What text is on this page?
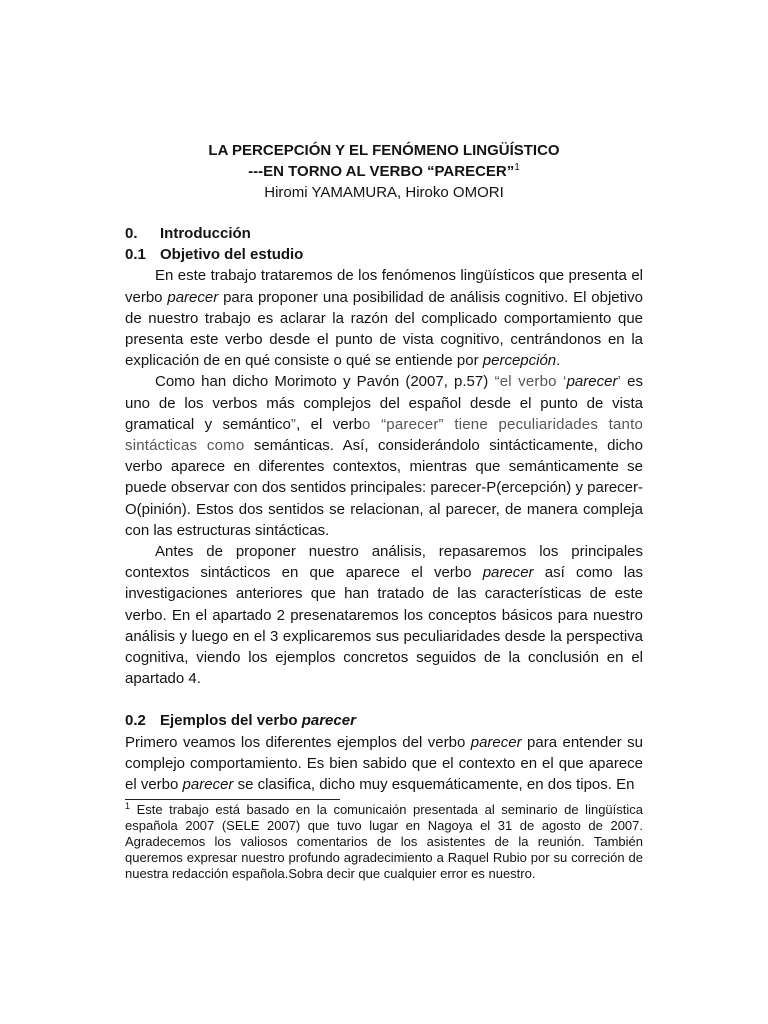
LA PERCEPCIÓN Y EL FENÓMENO LINGÜÍSTICO
---EN TORNO AL VERBO “PARECER”$^1$
Hiromi YAMAMURA, Hiroko OMORI

0. Introducción

0.1 Objetivo del estudio

En este trabajo trataremos de los fenómenos lingüísticos que presenta el verbo parecer para proponer una posibilidad de análisis cognitivo. El objetivo de nuestro trabajo es aclarar la razón del complicado comportamiento que presenta este verbo desde el punto de vista cognitivo, centrándonos en la explicación de en qué consiste o qué se entiende por percepción.

Como han dicho Morimoto y Pavón (2007, p.57) “el verbo ‘parecer’ es uno de los verbos más complejos del español desde el punto de vista gramatical y semántico”, el verbo “parecer” tiene peculiaridades tanto sintácticas como semánticas. Así, considerándolo sintácticamente, dicho verbo aparece en diferentes contextos, mientras que semánticamente se puede observar con dos sentidos principales: parecer-P(ercepción) y parecer-O(pinión). Estos dos sentidos se relacionan, al parecer, de manera compleja con las estructuras sintácticas.

Antes de proponer nuestro análisis, repasaremos los principales contextos sintácticos en que aparece el verbo parecer así como las investigaciones anteriores que han tratado de las características de este verbo. En el apartado 2 presenataremos los conceptos básicos para nuestro análisis y luego en el 3 explicaremos sus peculiaridades desde la perspectiva cognitiva, viendo los ejemplos concretos seguidos de la conclusión en el apartado 4.

0.2 Ejemplos del verbo parecer

Primero veamos los diferentes ejemplos del verbo parecer para entender su complejo comportamiento. Es bien sabido que el contexto en el que aparece el verbo parecer se clasifica, dicho muy esquemáticamente, en dos tipos. En

$^1$ Este trabajo está basado en la comunicaión presentada al seminario de lingüística española 2007 (SELE 2007) que tuvo lugar en Nagoya el 31 de agosto de 2007. Agradecemos los valiosos comentarios de los asistentes de la reunión. También queremos expresar nuestro profundo agradecimiento a Raquel Rubio por su correción de nuestra redacción española.Sobra decir que cualquier error es nuestro.
